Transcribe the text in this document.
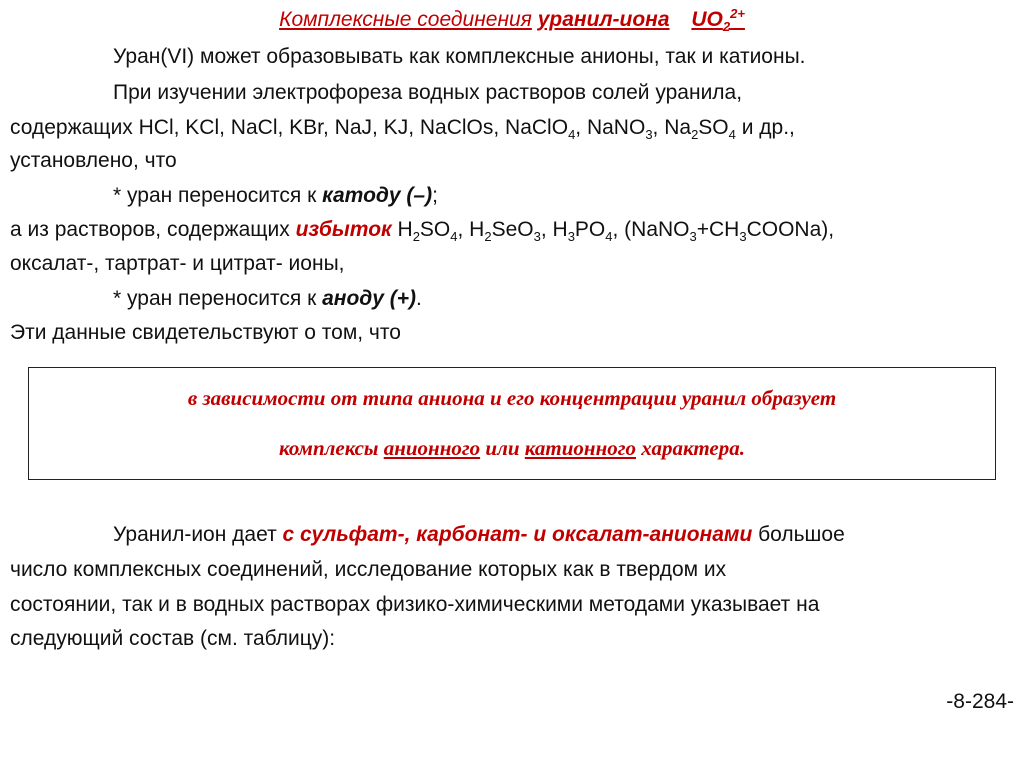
Комплексные соединения уранил-иона $UO_2^{2+}$
Уран(VI) может образовывать как комплексные анионы, так и катионы.
При изучении электрофореза водных растворов солей уранила,
содержащих HCl, KCl, NaCl, KBr, NaJ, KJ, NaClOs, NaClO$_4$, NaNO$_3$, $Na_2SO_4$ и др.,
установлено, что
* уран переносится к катоду (–);
а из растворов, содержащих избыток $H_2SO_4$, $H_2SeO_3$, $H_3PO_4$, $(NaNO_3+CH_3COONa)$,
оксалат-, тартрат- и цитрат- ионы,
* уран переносится к аноду (+).
Эти данные свидетельствуют о том, что
в зависимости от типа аниона и его концентрации уранил образует
комплексы анионного или катионного характера.
Уранил-ион дает с сульфат-, карбонат- и оксалат-анионами большое
число комплексных соединений, исследование которых как в твердом их
состоянии, так и в водных растворах физико-химическими методами указывает на
следующий состав (см. таблицу):
-8-284-
